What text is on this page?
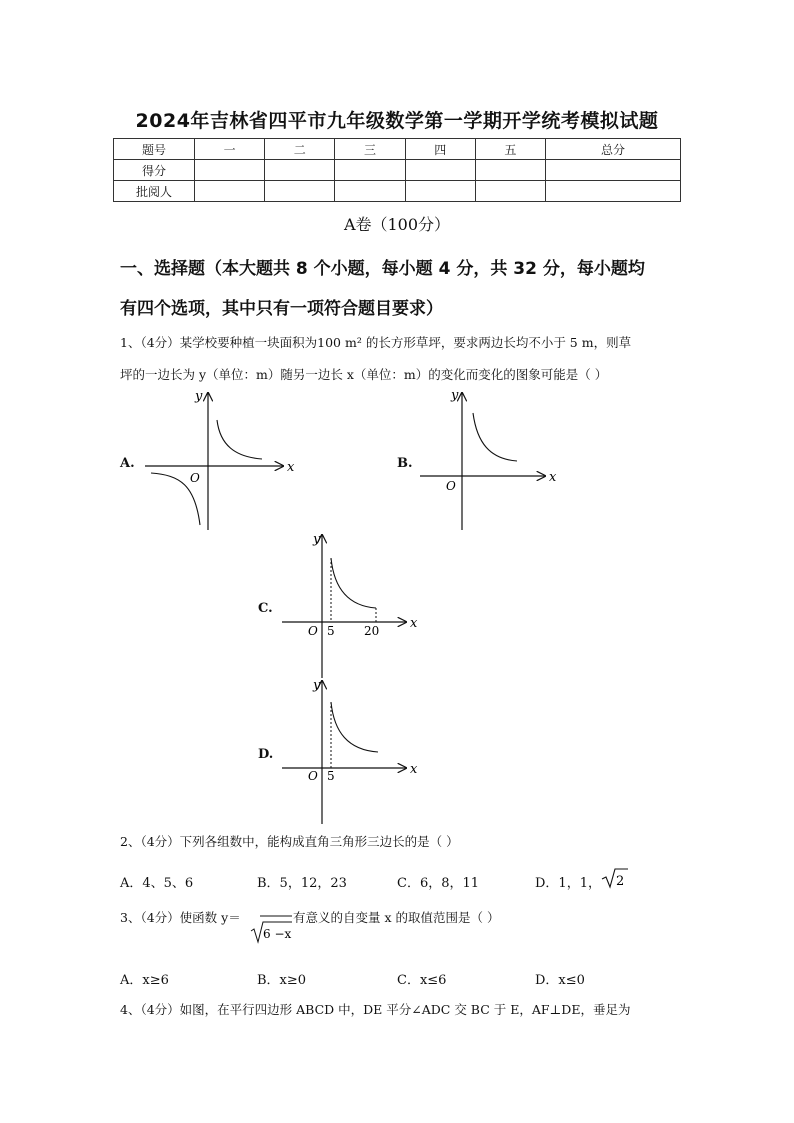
2024年吉林省四平市九年级数学第一学期开学统考模拟试题
题号	一	二	三	四	五	总分
得分						
批阅人						
A卷（100分）
一、选择题（本大题共 8 个小题，每小题 4 分，共 32 分，每小题均
有四个选项，其中只有一项符合题目要求）
1、（4分）某学校要种植一块面积为100 m² 的长方形草坪，要求两边长均不小于 5 m，则草
坪的一边长为 y（单位：m）随另一边长 x（单位：m）的变化而变化的图象可能是（ ）
A.	x
y
O
B.
x
y
O
C.
x
y
O 5 20
D.
x
y
O 5
2、（4分）下列各组数中，能构成直角三角形三边长的是（ ）
A．4、5、6	B．5，12，23	C．6，8，11	D．1，1， 2
3、（4分）使函数 y＝
6 −x
有意义的自变量 x 的取值范围是（ ）
A．x≥6	B．x≥0	C．x≤6	D．x≤0
4、（4分）如图，在平行四边形 ABCD 中，DE 平分∠ADC 交 BC 于 E，AF⊥DE，垂足为
